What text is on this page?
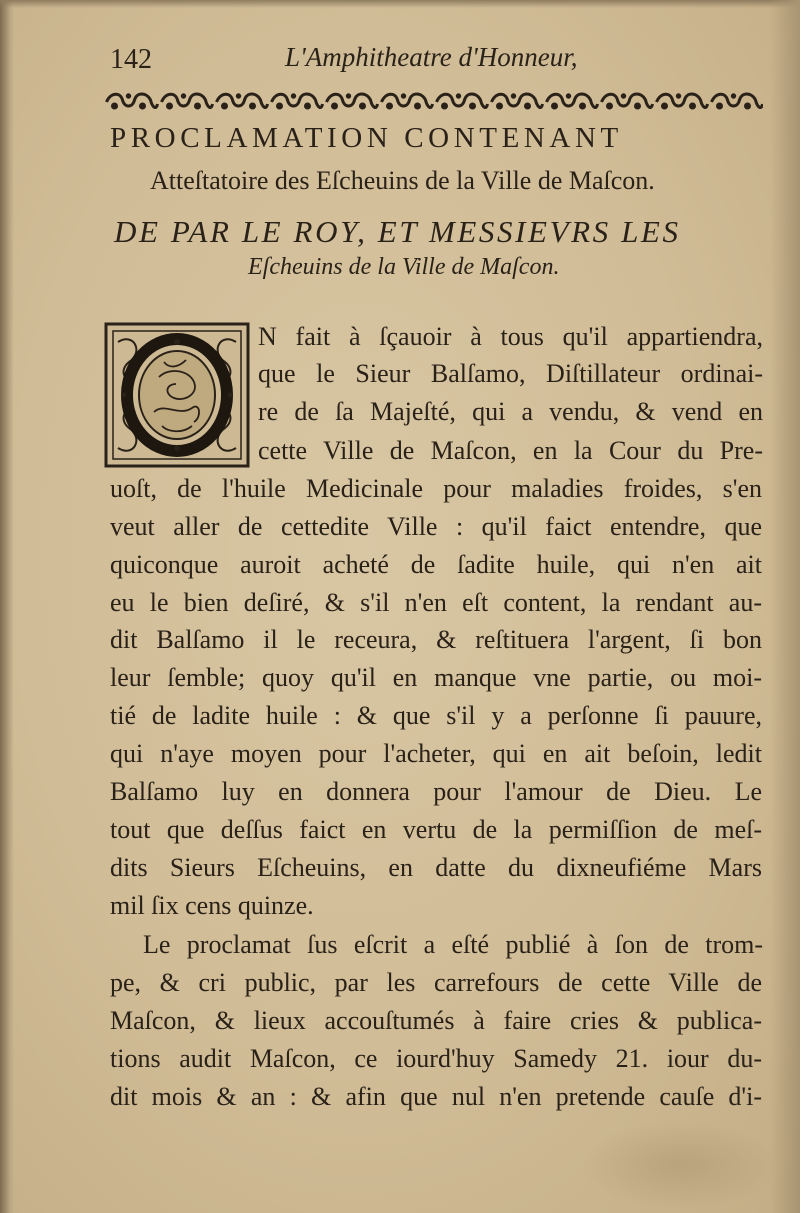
142	L'Amphitheatre d'Honneur,
PROCLAMATION CONTENANT
Atteſtatoire des Eſcheuins de la Ville de Maſcon.
DE PAR LE ROY, ET MESSIEVRS LES
Eſcheuins de la Ville de Maſcon.
N fait à ſçauoir à tous qu'il appartiendra,
que le Sieur Balſamo, Diſtillateur ordinai-
re de ſa Majeſté, qui a vendu, & vend en
cette Ville de Maſcon, en la Cour du Pre-
uoſt, de l'huile Medicinale pour maladies froides, s'en
veut aller de cettedite Ville : qu'il faict entendre, que
quiconque auroit acheté de ſadite huile, qui n'en ait
eu le bien deſiré, & s'il n'en eſt content, la rendant au-
dit Balſamo il le receura, & reſtituera l'argent, ſi bon
leur ſemble; quoy qu'il en manque vne partie, ou moi-
tié de ladite huile : & que s'il y a perſonne ſi pauure,
qui n'aye moyen pour l'acheter, qui en ait beſoin, ledit
Balſamo luy en donnera pour l'amour de Dieu. Le
tout que deſſus faict en vertu de la permiſſion de meſ-
dits Sieurs Eſcheuins, en datte du dixneufiéme Mars
mil ſix cens quinze.
Le proclamat ſus eſcrit a eſté publié à ſon de trom-
pe, & cri public, par les carrefours de cette Ville de
Maſcon, & lieux accouſtumés à faire cries & publica-
tions audit Maſcon, ce iourd'huy Samedy 21. iour du-
dit mois & an : & afin que nul n'en pretende cauſe d'i-
